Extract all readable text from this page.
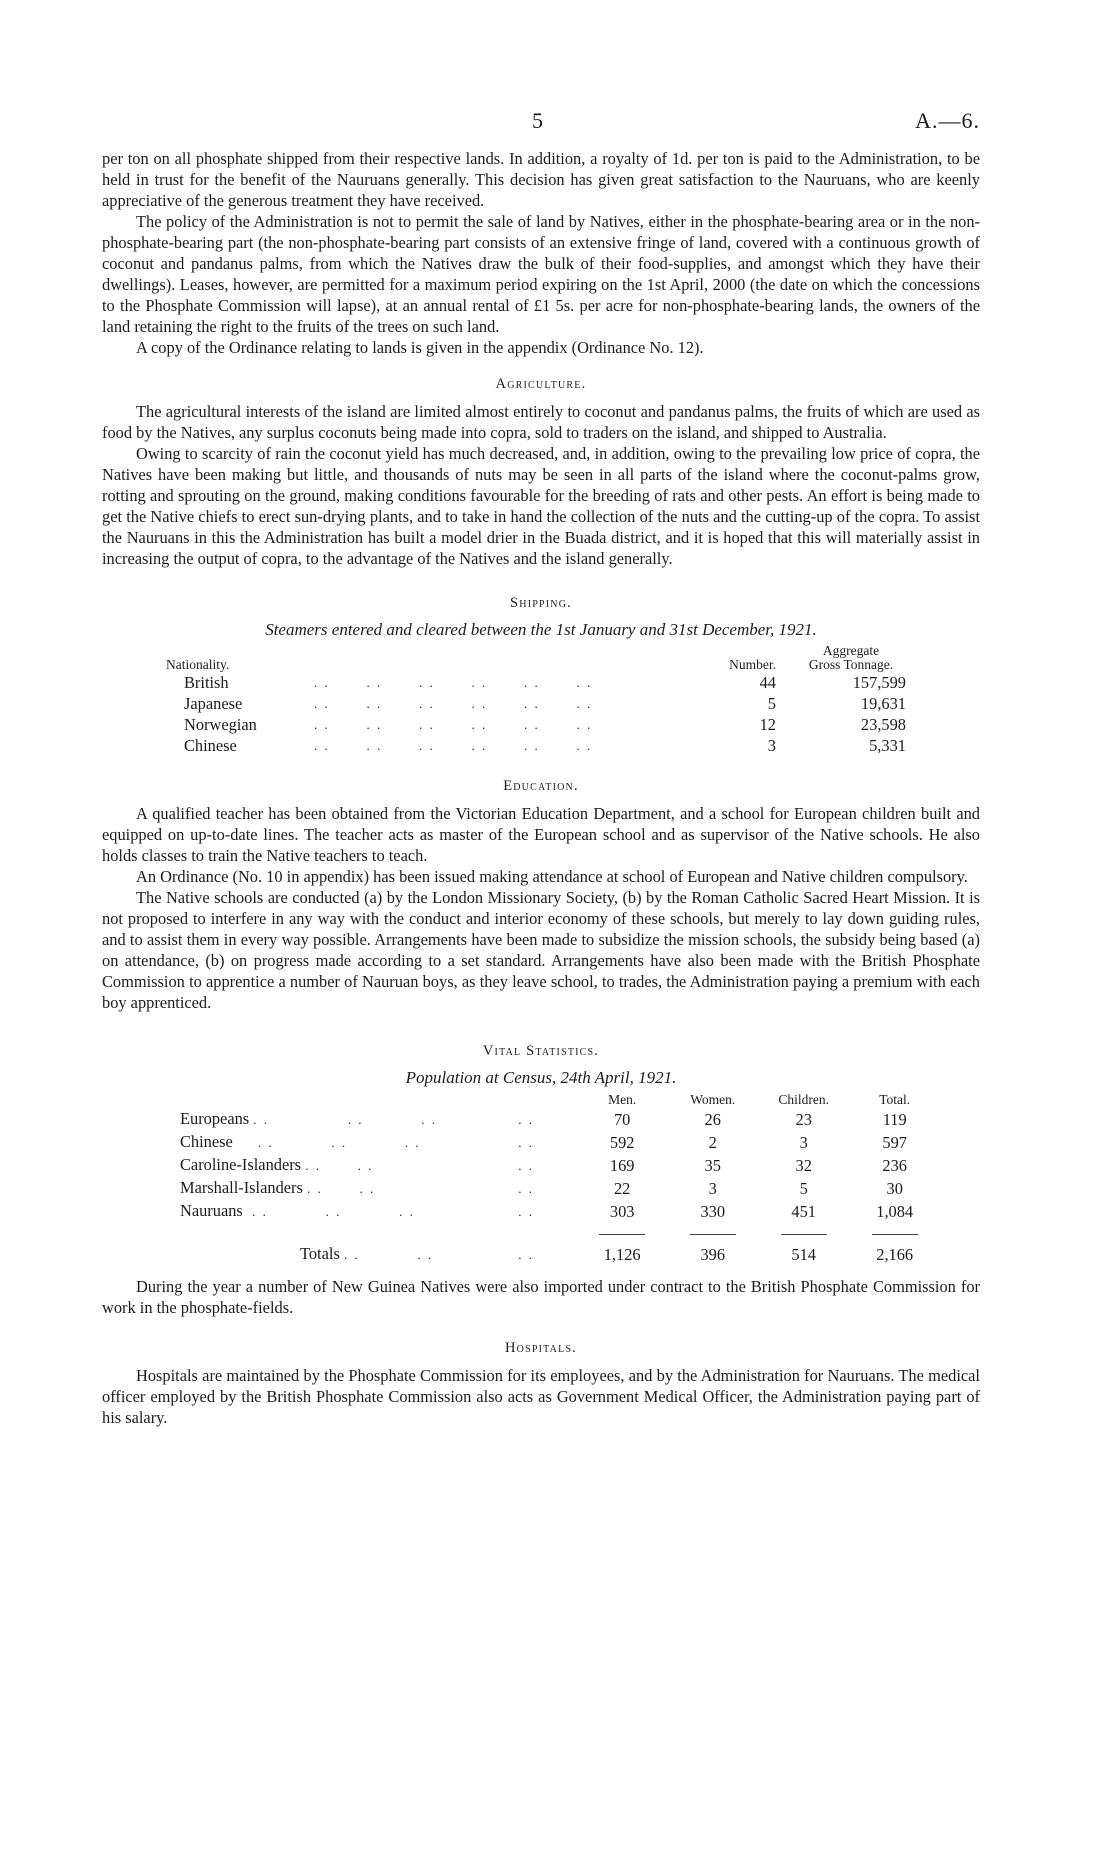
5	A.—6.

per ton on all phosphate shipped from their respective lands. In addition, a royalty of 1d. per ton is paid to the Administration, to be held in trust for the benefit of the Nauruans generally. This decision has given great satisfaction to the Nauruans, who are keenly appreciative of the generous treatment they have received.

The policy of the Administration is not to permit the sale of land by Natives, either in the phosphate-bearing area or in the non-phosphate-bearing part (the non-phosphate-bearing part consists of an extensive fringe of land, covered with a continuous growth of coconut and pandanus palms, from which the Natives draw the bulk of their food-supplies, and amongst which they have their dwellings). Leases, however, are permitted for a maximum period expiring on the 1st April, 2000 (the date on which the concessions to the Phosphate Commission will lapse), at an annual rental of £1 5s. per acre for non-phosphate-bearing lands, the owners of the land retaining the right to the fruits of the trees on such land.

A copy of the Ordinance relating to lands is given in the appendix (Ordinance No. 12).

Agriculture.

The agricultural interests of the island are limited almost entirely to coconut and pandanus palms, the fruits of which are used as food by the Natives, any surplus coconuts being made into copra, sold to traders on the island, and shipped to Australia.

Owing to scarcity of rain the coconut yield has much decreased, and, in addition, owing to the prevailing low price of copra, the Natives have been making but little, and thousands of nuts may be seen in all parts of the island where the coconut-palms grow, rotting and sprouting on the ground, making conditions favourable for the breeding of rats and other pests. An effort is being made to get the Native chiefs to erect sun-drying plants, and to take in hand the collection of the nuts and the cutting-up of the copra. To assist the Nauruans in this the Administration has built a model drier in the Buada district, and it is hoped that this will materially assist in increasing the output of copra, to the advantage of the Natives and the island generally.

Shipping.
Steamers entered and cleared between the 1st January and 31st December, 1921.
Nationality.		Number.	Aggregate
Gross Tonnage.
British	. .       . .       . .       . .       . .       . .	44	157,599
Japanese	. .       . .       . .       . .       . .       . .	5	19,631
Norwegian	. .       . .       . .       . .       . .       . .	12	23,598
Chinese	. .       . .       . .       . .       . .       . .	3	5,331
Education.

A qualified teacher has been obtained from the Victorian Education Department, and a school for European children built and equipped on up-to-date lines. The teacher acts as master of the European school and as supervisor of the Native schools. He also holds classes to train the Native teachers to teach.

An Ordinance (No. 10 in appendix) has been issued making attendance at school of European and Native children compulsory.

The Native schools are conducted (a) by the London Missionary Society, (b) by the Roman Catholic Sacred Heart Mission. It is not proposed to interfere in any way with the conduct and interior economy of these schools, but merely to lay down guiding rules, and to assist them in every way possible. Arrangements have been made to subsidize the mission schools, the subsidy being based (a) on attendance, (b) on progress made according to a set standard. Arrangements have also been made with the British Phosphate Commission to apprentice a number of Nauruan boys, as they leave school, to trades, the Administration paying a premium with each boy apprenticed.

Vital Statistics.
Population at Census, 24th April, 1921.
		Men.	Women.	Children.	Total.
Europeans . .               . .           . .	. .	70	26	23	119
Chinese     . .           . .           . .	. .	592	2	3	597
Caroline-Islanders . .       . .	. .	169	35	32	236
Marshall-Islanders . .       . .	. .	22	3	5	30
Nauruans  . .           . .           . .	. .	303	330	451	1,084

Totals . .           . .	. .	1,126	396	514	2,166

During the year a number of New Guinea Natives were also imported under contract to the British Phosphate Commission for work in the phosphate-fields.

Hospitals.

Hospitals are maintained by the Phosphate Commission for its employees, and by the Administration for Nauruans. The medical officer employed by the British Phosphate Commission also acts as Government Medical Officer, the Administration paying part of his salary.
